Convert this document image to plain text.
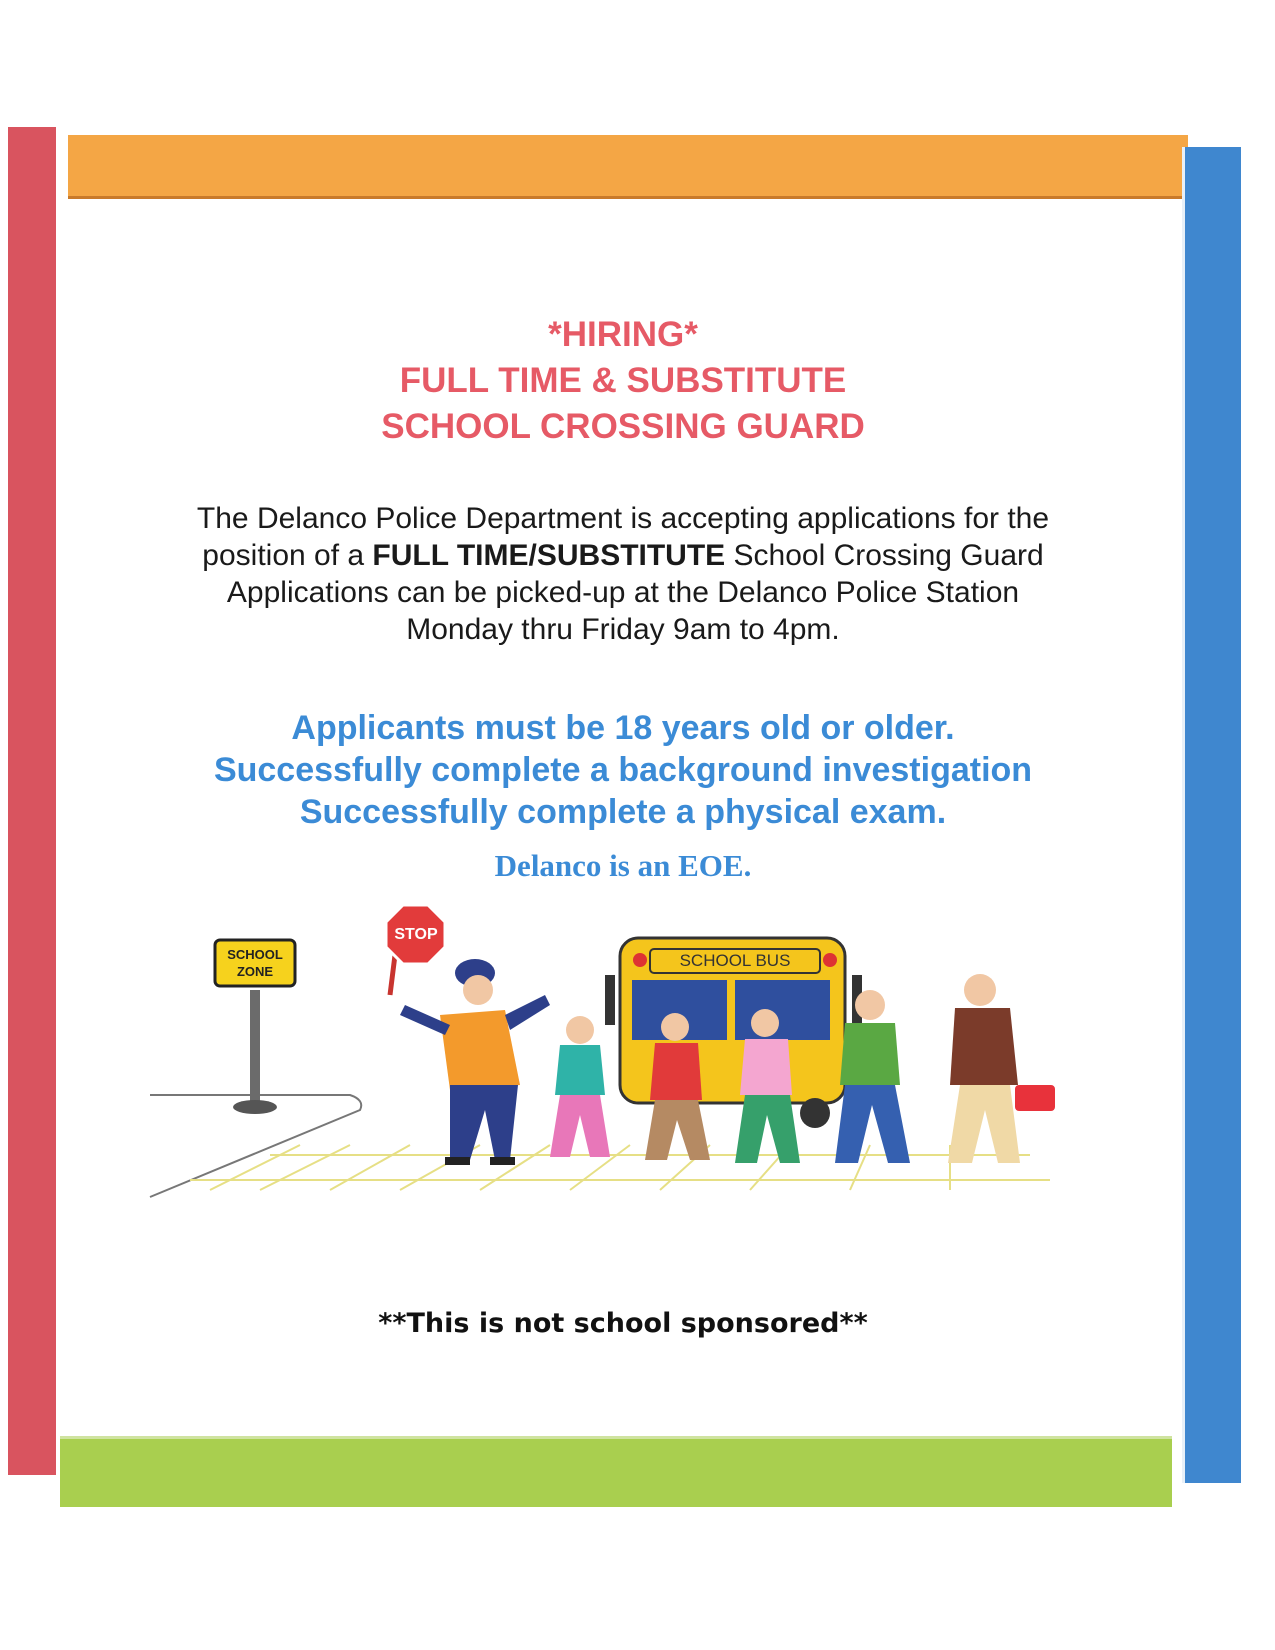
*HIRING*
FULL TIME & SUBSTITUTE
SCHOOL CROSSING GUARD
The Delanco Police Department is accepting applications for the
position of a FULL TIME/SUBSTITUTE School Crossing Guard
Applications can be picked-up at the Delanco Police Station
Monday thru Friday 9am to 4pm.
Applicants must be 18 years old or older.
Successfully complete a background investigation
Successfully complete a physical exam.
Delanco is an EOE.
SCHOOL
ZONE
STOP
SCHOOL BUS
**This is not school sponsored**
